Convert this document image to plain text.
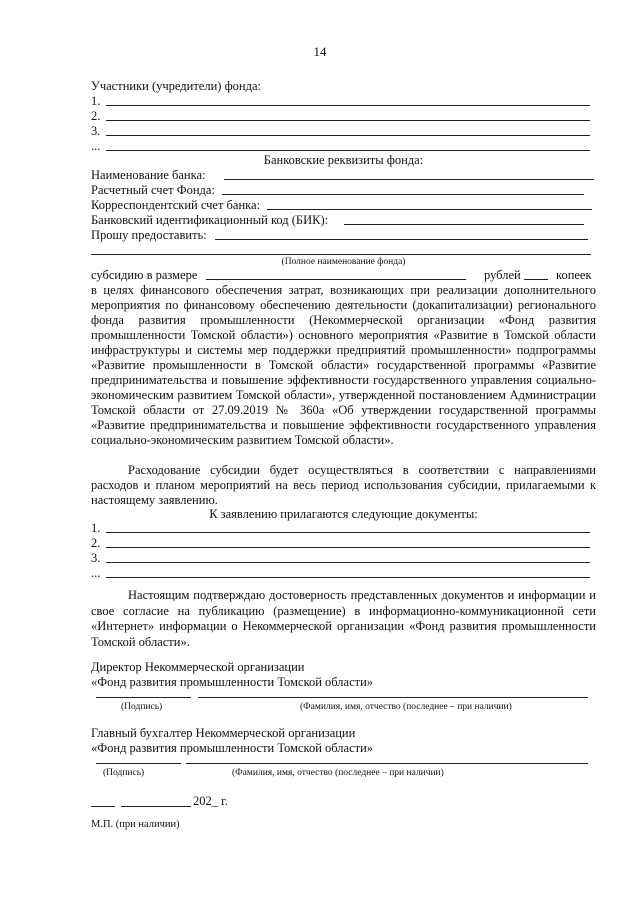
14
Участники (учредители) фонда:
1.
2.
3.
...
Банковские реквизиты фонда:
Наименование банка:
Расчетный счет Фонда:
Корреспондентский счет банка:
Банковский идентификационный код (БИК):
Прошу предоставить:
(Полное наименование фонда)
субсидию в размере	рублей	копеек
в целях финансового обеспечения затрат, возникающих при реализации дополнительного мероприятия по финансовому обеспечению деятельности (докапитализации) регионального фонда развития промышленности (Некоммерческой организации «Фонд развития промышленности Томской области») основного мероприятия «Развитие в Томской области инфраструктуры и системы мер поддержки предприятий промышленности» подпрограммы «Развитие промышленности в Томской области» государственной программы «Развитие предпринимательства и повышение эффективности государственного управления социально-экономическим развитием Томской области», утвержденной постановлением Администрации Томской области от 27.09.2019 № 360а «Об утверждении государственной программы «Развитие предпринимательства и повышение эффективности государственного управления социально-экономическим развитием Томской области».
Расходование субсидии будет осуществляться в соответствии с направлениями расходов и планом мероприятий на весь период использования субсидии, прилагаемыми к настоящему заявлению.
К заявлению прилагаются следующие документы:
1.
2.
3.
...
Настоящим подтверждаю достоверность представленных документов и информации и свое согласие на публикацию (размещение) в информационно-коммуникационной сети «Интернет» информации о Некоммерческой организации «Фонд развития промышленности Томской области».
Директор Некоммерческой организации
«Фонд развития промышленности Томской области»
(Подпись)	(Фамилия, имя, отчество (последнее – при наличии)
Главный бухгалтер Некоммерческой организации
«Фонд развития промышленности Томской области»
(Подпись)	(Фамилия, имя, отчество (последнее – при наличии)
202_ г.
М.П. (при наличии)
